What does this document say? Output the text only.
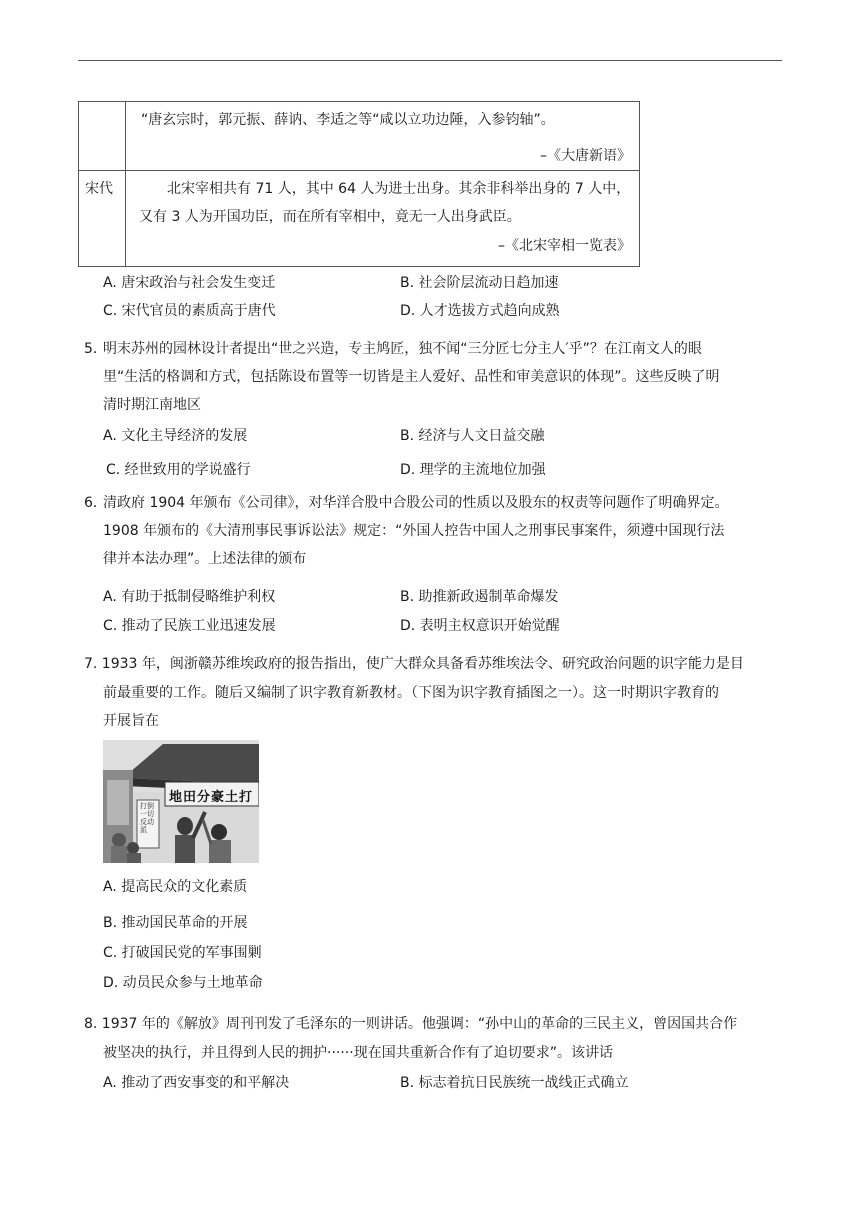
“唐玄宗时，郭元振、薛讷、李适之等“咸以立功边陲，入参钧轴”。
–《大唐新语》
宋代	北宋宰相共有 71 人，其中 64 人为进士出身。其余非科举出身的 7 人中，
又有 3 人为开国功臣，而在所有宰相中，竟无一人出身武臣。
–《北宋宰相一览表》
A. 唐宋政治与社会发生变迁	B. 社会阶层流动日趋加速
C. 宋代官员的素质高于唐代	D. 人才选拔方式趋向成熟
5．
明末苏州的园林设计者提出“世之兴造，专主鸠匠，独不闻“三分匠七分主人′乎”？在江南文人的眼
里“生活的格调和方式，包括陈设布置等一切皆是主人爱好、品性和审美意识的体现”。这些反映了明
清时期江南地区
A. 文化主导经济的发展	B. 经济与人文日益交融
C. 经世致用的学说盛行	D. 理学的主流地位加强
6．
清政府 1904 年颁布《公司律》，对华洋合股中合股公司的性质以及股东的权责等问题作了明确界定。
1908 年颁布的《大清刑事民事诉讼法》规定：“外国人控告中国人之刑事民事案件，须遵中国现行法
律并本法办理”。上述法律的颁布
A. 有助于抵制侵略维护利权	B. 助推新政遏制革命爆发
C. 推动了民族工业迅速发展	D. 表明主权意识开始觉醒
7. 1933 年，闽浙赣苏维埃政府的报告指出，使广大群众具备看苏维埃法令、研究政治问题的识字能力是目
前最重要的工作。随后又编制了识字教育新教材。（下图为识字教育插图之一）。这一时期识字教育的
开展旨在
地田分豪土打
打倒一切反动派
A. 提高民众的文化素质
B. 推动国民革命的开展
C. 打破国民党的军事围剿
D. 动员民众参与土地革命
8. 1937 年的《解放》周刊刊发了毛泽东的一则讲话。他强调：“孙中山的革命的三民主义，曾因国共合作
被坚决的执行，并且得到人民的拥护······现在国共重新合作有了迫切要求”。该讲话
A. 推动了西安事变的和平解决	B. 标志着抗日民族统一战线正式确立
